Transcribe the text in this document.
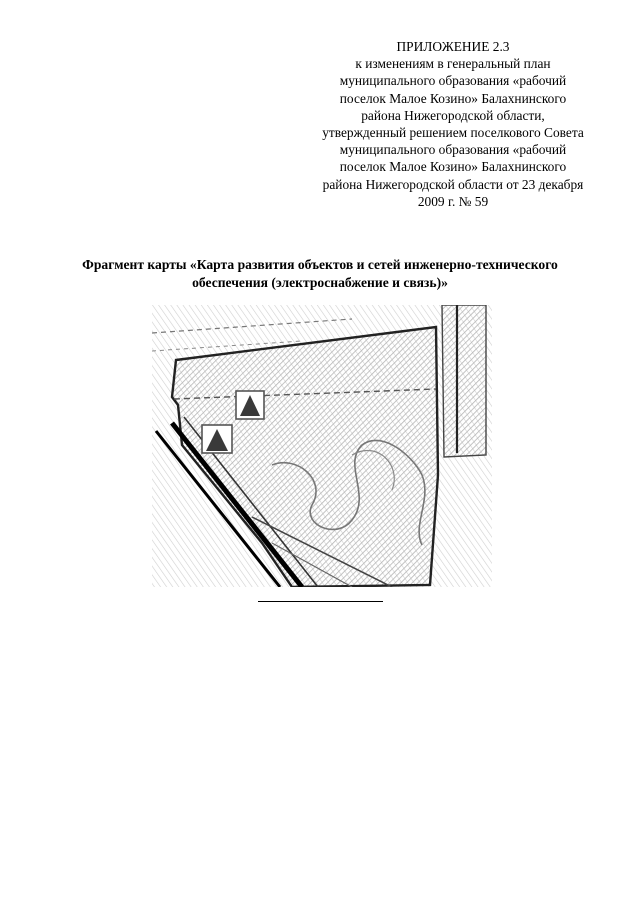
ПРИЛОЖЕНИЕ 2.3
к изменениям в генеральный план
муниципального образования «рабочий
поселок Малое Козино» Балахнинского
района Нижегородской области,
утвержденный решением поселкового Совета
муниципального образования «рабочий
поселок Малое Козино» Балахнинского
района Нижегородской области от 23 декабря
2009 г. № 59
Фрагмент карты «Карта развития объектов и сетей инженерно-технического
обеспечения (электроснабжение и связь)»
